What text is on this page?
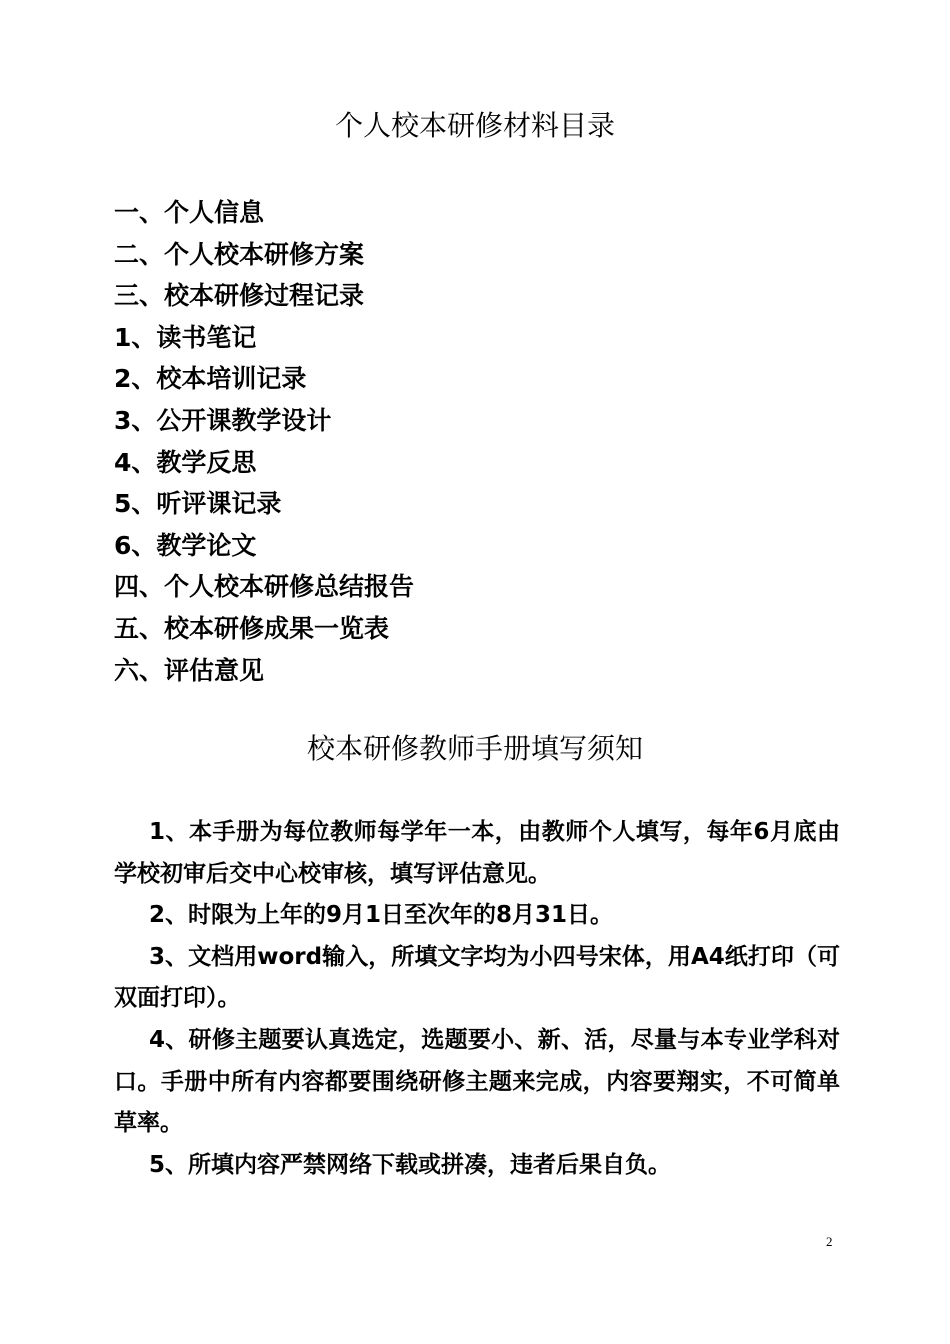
个人校本研修材料目录
一、个人信息
二、个人校本研修方案
三、校本研修过程记录
1、读书笔记
2、校本培训记录
3、公开课教学设计
4、教学反思
5、听评课记录
6、教学论文
四、个人校本研修总结报告
五、校本研修成果一览表
六、评估意见
校本研修教师手册填写须知

1、本手册为每位教师每学年一本，由教师个人填写，每年6月底由学校初审后交中心校审核，填写评估意见。

2、时限为上年的9月1日至次年的8月31日。

3、文档用word输入，所填文字均为小四号宋体，用A4纸打印（可双面打印）。

4、研修主题要认真选定，选题要小、新、活，尽量与本专业学科对口。手册中所有内容都要围绕研修主题来完成，内容要翔实，不可简单草率。

5、所填内容严禁网络下载或拼凑，违者后果自负。

2
